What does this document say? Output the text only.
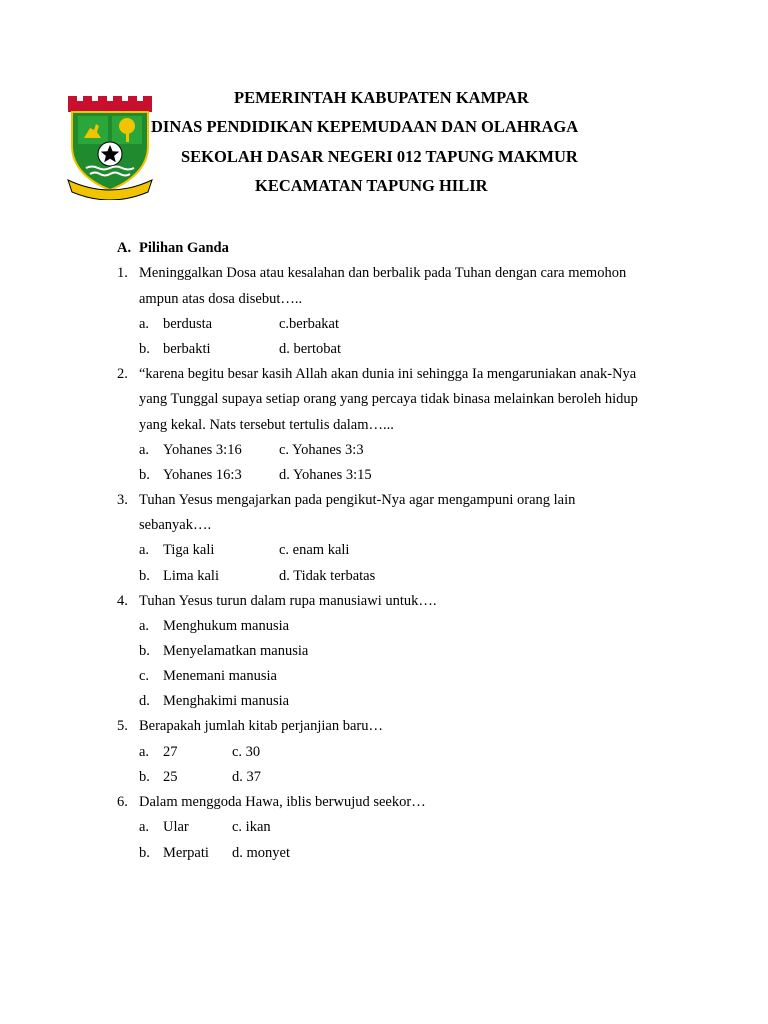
PEMERINTAH KABUPATEN KAMPAR
DINAS PENDIDIKAN KEPEMUDAAN DAN OLAHRAGA
SEKOLAH DASAR NEGERI 012 TAPUNG MAKMUR
KECAMATAN TAPUNG HILIR
A. Pilihan Ganda
1. Meninggalkan Dosa atau kesalahan dan berbalik pada Tuhan dengan cara memohon
ampun atas dosa disebut…..
a. berdusta	c.berbakat
b. berbakti	d. bertobat
2. “karena begitu besar kasih Allah akan dunia ini sehingga Ia mengaruniakan anak-Nya
yang Tunggal supaya setiap orang yang percaya tidak binasa melainkan beroleh hidup
yang kekal. Nats tersebut tertulis dalam…...
a. Yohanes 3:16	c. Yohanes 3:3
b. Yohanes 16:3	d. Yohanes 3:15
3. Tuhan Yesus mengajarkan pada pengikut-Nya agar mengampuni orang lain
sebanyak….
a. Tiga kali	c. enam kali
b. Lima kali	d. Tidak terbatas
4. Tuhan Yesus turun dalam rupa manusiawi untuk….
a. Menghukum manusia
b. Menyelamatkan manusia
c. Menemani manusia
d. Menghakimi manusia
5. Berapakah jumlah kitab perjanjian baru…
a. 27	c. 30
b. 25	d. 37
6. Dalam menggoda Hawa, iblis berwujud seekor…
a. Ular	c. ikan
b. Merpati d. monyet
